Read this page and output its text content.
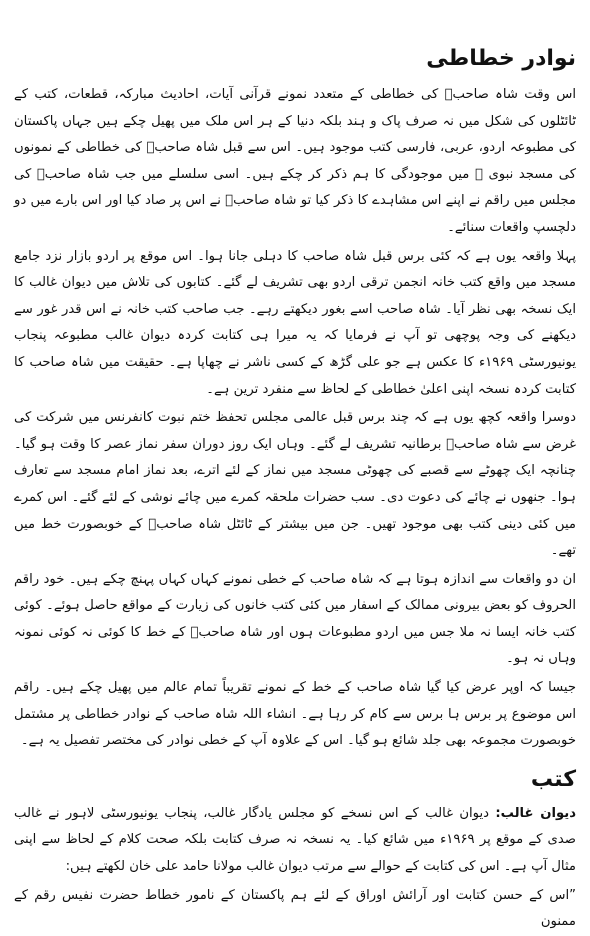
نوادر خطاطی

اس وقت شاہ صاحبؒ کی خطاطی کے متعدد نمونے قرآنی آیات، احادیث مبارکہ، قطعات، کتب کے ٹائٹلوں کی شکل میں نہ صرف پاک و ہند بلکہ دنیا کے ہر اس ملک میں پھیل چکے ہیں جہاں پاکستان کی مطبوعہ اردو، عربی، فارسی کتب موجود ہیں۔ اس سے قبل شاہ صاحبؒ کی خطاطی کے نمونوں کی مسجد نبوی ﷺ میں موجودگی کا ہم ذکر کر چکے ہیں۔ اسی سلسلے میں جب شاہ صاحبؒ کی مجلس میں راقم نے اپنے اس مشاہدے کا ذکر کیا تو شاہ صاحبؒ نے اس پر صاد کیا اور اس بارے میں دو دلچسپ واقعات سنائے۔

پہلا واقعہ یوں ہے کہ کئی برس قبل شاہ صاحب کا دہلی جانا ہوا۔ اس موقع پر اردو بازار نزد جامع مسجد میں واقع کتب خانہ انجمن ترقی اردو بھی تشریف لے گئے۔ کتابوں کی تلاش میں دیوان غالب کا ایک نسخہ بھی نظر آیا۔ شاہ صاحب اسے بغور دیکھتے رہے۔ جب صاحب کتب خانہ نے اس قدر غور سے دیکھنے کی وجہ پوچھی تو آپ نے فرمایا کہ یہ میرا ہی کتابت کردہ دیوان غالب مطبوعہ پنجاب یونیورسٹی ۱۹۶۹ء کا عکس ہے جو علی گڑھ کے کسی ناشر نے چھاپا ہے۔ حقیقت میں شاہ صاحب کا کتابت کردہ نسخہ اپنی اعلیٰ خطاطی کے لحاظ سے منفرد ترین ہے۔

دوسرا واقعہ کچھ یوں ہے کہ چند برس قبل عالمی مجلس تحفظ ختم نبوت کانفرنس میں شرکت کی غرض سے شاہ صاحبؒ برطانیہ تشریف لے گئے۔ وہاں ایک روز دوران سفر نماز عصر کا وقت ہو گیا۔ چنانچہ ایک چھوٹے سے قصبے کی چھوٹی مسجد میں نماز کے لئے اترے، بعد نماز امام مسجد سے تعارف ہوا۔ جنھوں نے چائے کی دعوت دی۔ سب حضرات ملحقہ کمرے میں چائے نوشی کے لئے گئے۔ اس کمرے میں کئی دینی کتب بھی موجود تھیں۔ جن میں بیشتر کے ٹائٹل شاہ صاحبؒ کے خوبصورت خط میں تھے۔

ان دو واقعات سے اندازہ ہوتا ہے کہ شاہ صاحب کے خطی نمونے کہاں کہاں پہنچ چکے ہیں۔ خود راقم الحروف کو بعض بیرونی ممالک کے اسفار میں کئی کتب خانوں کی زیارت کے مواقع حاصل ہوئے۔ کوئی کتب خانہ ایسا نہ ملا جس میں اردو مطبوعات ہوں اور شاہ صاحبؒ کے خط کا کوئی نہ کوئی نمونہ وہاں نہ ہو۔

جیسا کہ اوپر عرض کیا گیا شاہ صاحب کے خط کے نمونے تقریباً تمام عالم میں پھیل چکے ہیں۔ راقم اس موضوع پر برس ہا برس سے کام کر رہا ہے۔ انشاء اللہ شاہ صاحب کے نوادر خطاطی پر مشتمل خوبصورت مجموعہ بھی جلد شائع ہو گیا۔ اس کے علاوہ آپ کے خطی نوادر کی مختصر تفصیل یہ ہے۔

کتب

دیوان غالب: دیوان غالب کے اس نسخے کو مجلس یادگار غالب، پنجاب یونیورسٹی لاہور نے غالب صدی کے موقع پر ۱۹۶۹ء میں شائع کیا۔ یہ نسخہ نہ صرف کتابت بلکہ صحت کلام کے لحاظ سے اپنی مثال آپ ہے۔ اس کی کتابت کے حوالے سے مرتب دیوان غالب مولانا حامد علی خان لکھتے ہیں:

”اس کے حسن کتابت اور آرائش اوراق کے لئے ہم پاکستان کے نامور خطاط حضرت نفیس رقم کے ممنون
